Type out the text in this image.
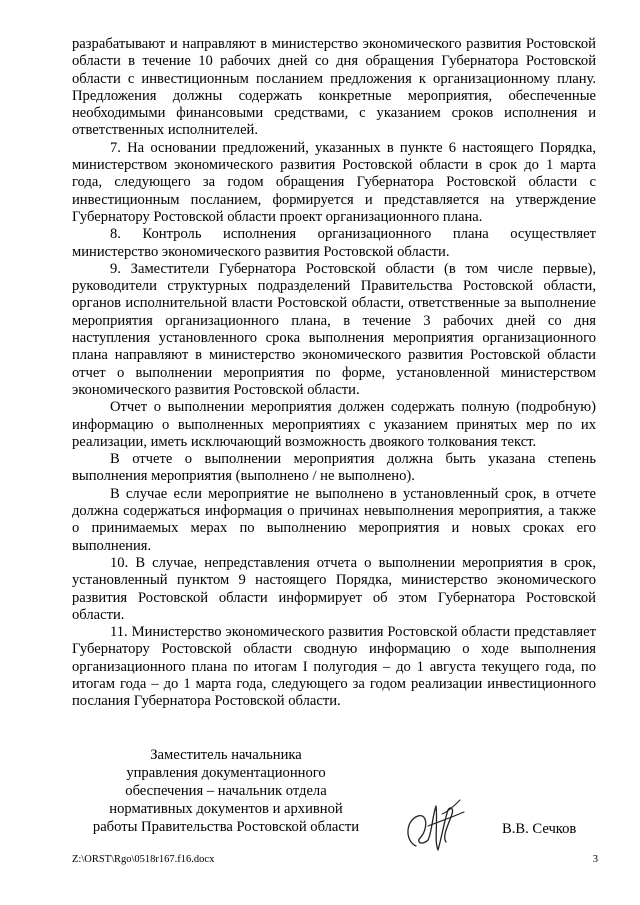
разрабатывают и направляют в министерство экономического развития Ростовской области в течение 10 рабочих дней со дня обращения Губернатора Ростовской области с инвестиционным посланием предложения к организационному плану. Предложения должны содержать конкретные мероприятия, обеспеченные необходимыми финансовыми средствами, с указанием сроков исполнения и ответственных исполнителей.

7. На основании предложений, указанных в пункте 6 настоящего Порядка, министерством экономического развития Ростовской области в срок до 1 марта года, следующего за годом обращения Губернатора Ростовской области с инвестиционным посланием, формируется и представляется на утверждение Губернатору Ростовской области проект организационного плана.

8. Контроль исполнения организационного плана осуществляет министерство экономического развития Ростовской области.

9. Заместители Губернатора Ростовской области (в том числе первые), руководители структурных подразделений Правительства Ростовской области, органов исполнительной власти Ростовской области, ответственные за выполнение мероприятия организационного плана, в течение 3 рабочих дней со дня наступления установленного срока выполнения мероприятия организационного плана направляют в министерство экономического развития Ростовской области отчет о выполнении мероприятия по форме, установленной министерством экономического развития Ростовской области.

Отчет о выполнении мероприятия должен содержать полную (подробную) информацию о выполненных мероприятиях с указанием принятых мер по их реализации, иметь исключающий возможность двоякого толкования текст.

В отчете о выполнении мероприятия должна быть указана степень выполнения мероприятия (выполнено / не выполнено).

В случае если мероприятие не выполнено в установленный срок, в отчете должна содержаться информация о причинах невыполнения мероприятия, а также о принимаемых мерах по выполнению мероприятия и новых сроках его выполнения.

10. В случае, непредставления отчета о выполнении мероприятия в срок, установленный пунктом 9 настоящего Порядка, министерство экономического развития Ростовской области информирует об этом Губернатора Ростовской области.

11. Министерство экономического развития Ростовской области представляет Губернатору Ростовской области сводную информацию о ходе выполнения организационного плана по итогам I полугодия – до 1 августа текущего года, по итогам года – до 1 марта года, следующего за годом реализации инвестиционного послания Губернатора Ростовской области.

Заместитель начальника
управления документационного
обеспечения – начальник отдела
нормативных документов и архивной
работы Правительства Ростовской области	В.В. Сечков
Z:\ORST\Rgo\0518r167.f16.docx	3
